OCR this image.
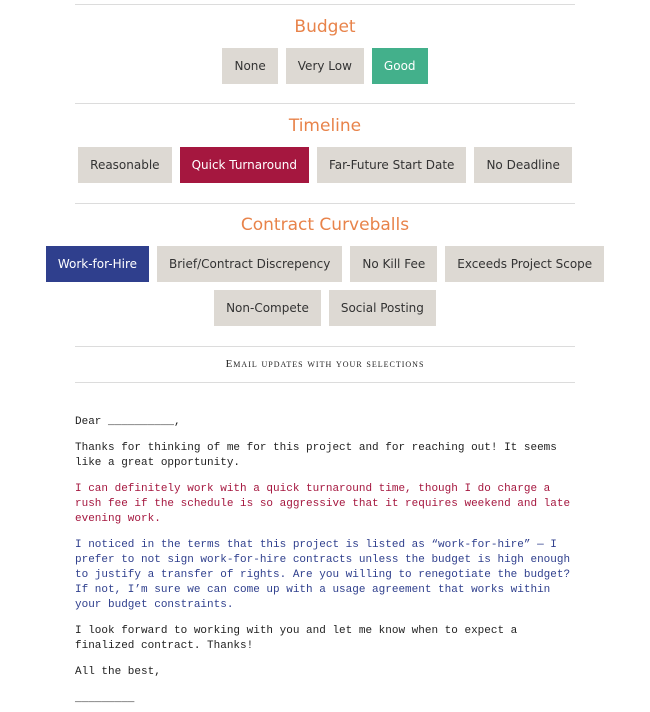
Budget
None	Very Low	Good
Timeline
Reasonable	Quick Turnaround	Far-Future Start Date	No Deadline
Contract Curveballs
Work-for-Hire	Brief/Contract Discrepency	No Kill Fee	Exceeds Project Scope
Non-Compete	Social Posting
Email updates with your selections

Dear __________,

Thanks for thinking of me for this project and for reaching out! It seems like a great opportunity.

I can definitely work with a quick turnaround time, though I do charge a rush fee if the schedule is so aggressive that it requires weekend and late evening work.

I noticed in the terms that this project is listed as “work-for-hire” — I prefer to not sign work-for-hire contracts unless the budget is high enough to justify a transfer of rights. Are you willing to renegotiate the budget? If not, I’m sure we can come up with a usage agreement that works within your budget constraints.

I look forward to working with you and let me know when to expect a finalized contract. Thanks!

All the best,

_________
